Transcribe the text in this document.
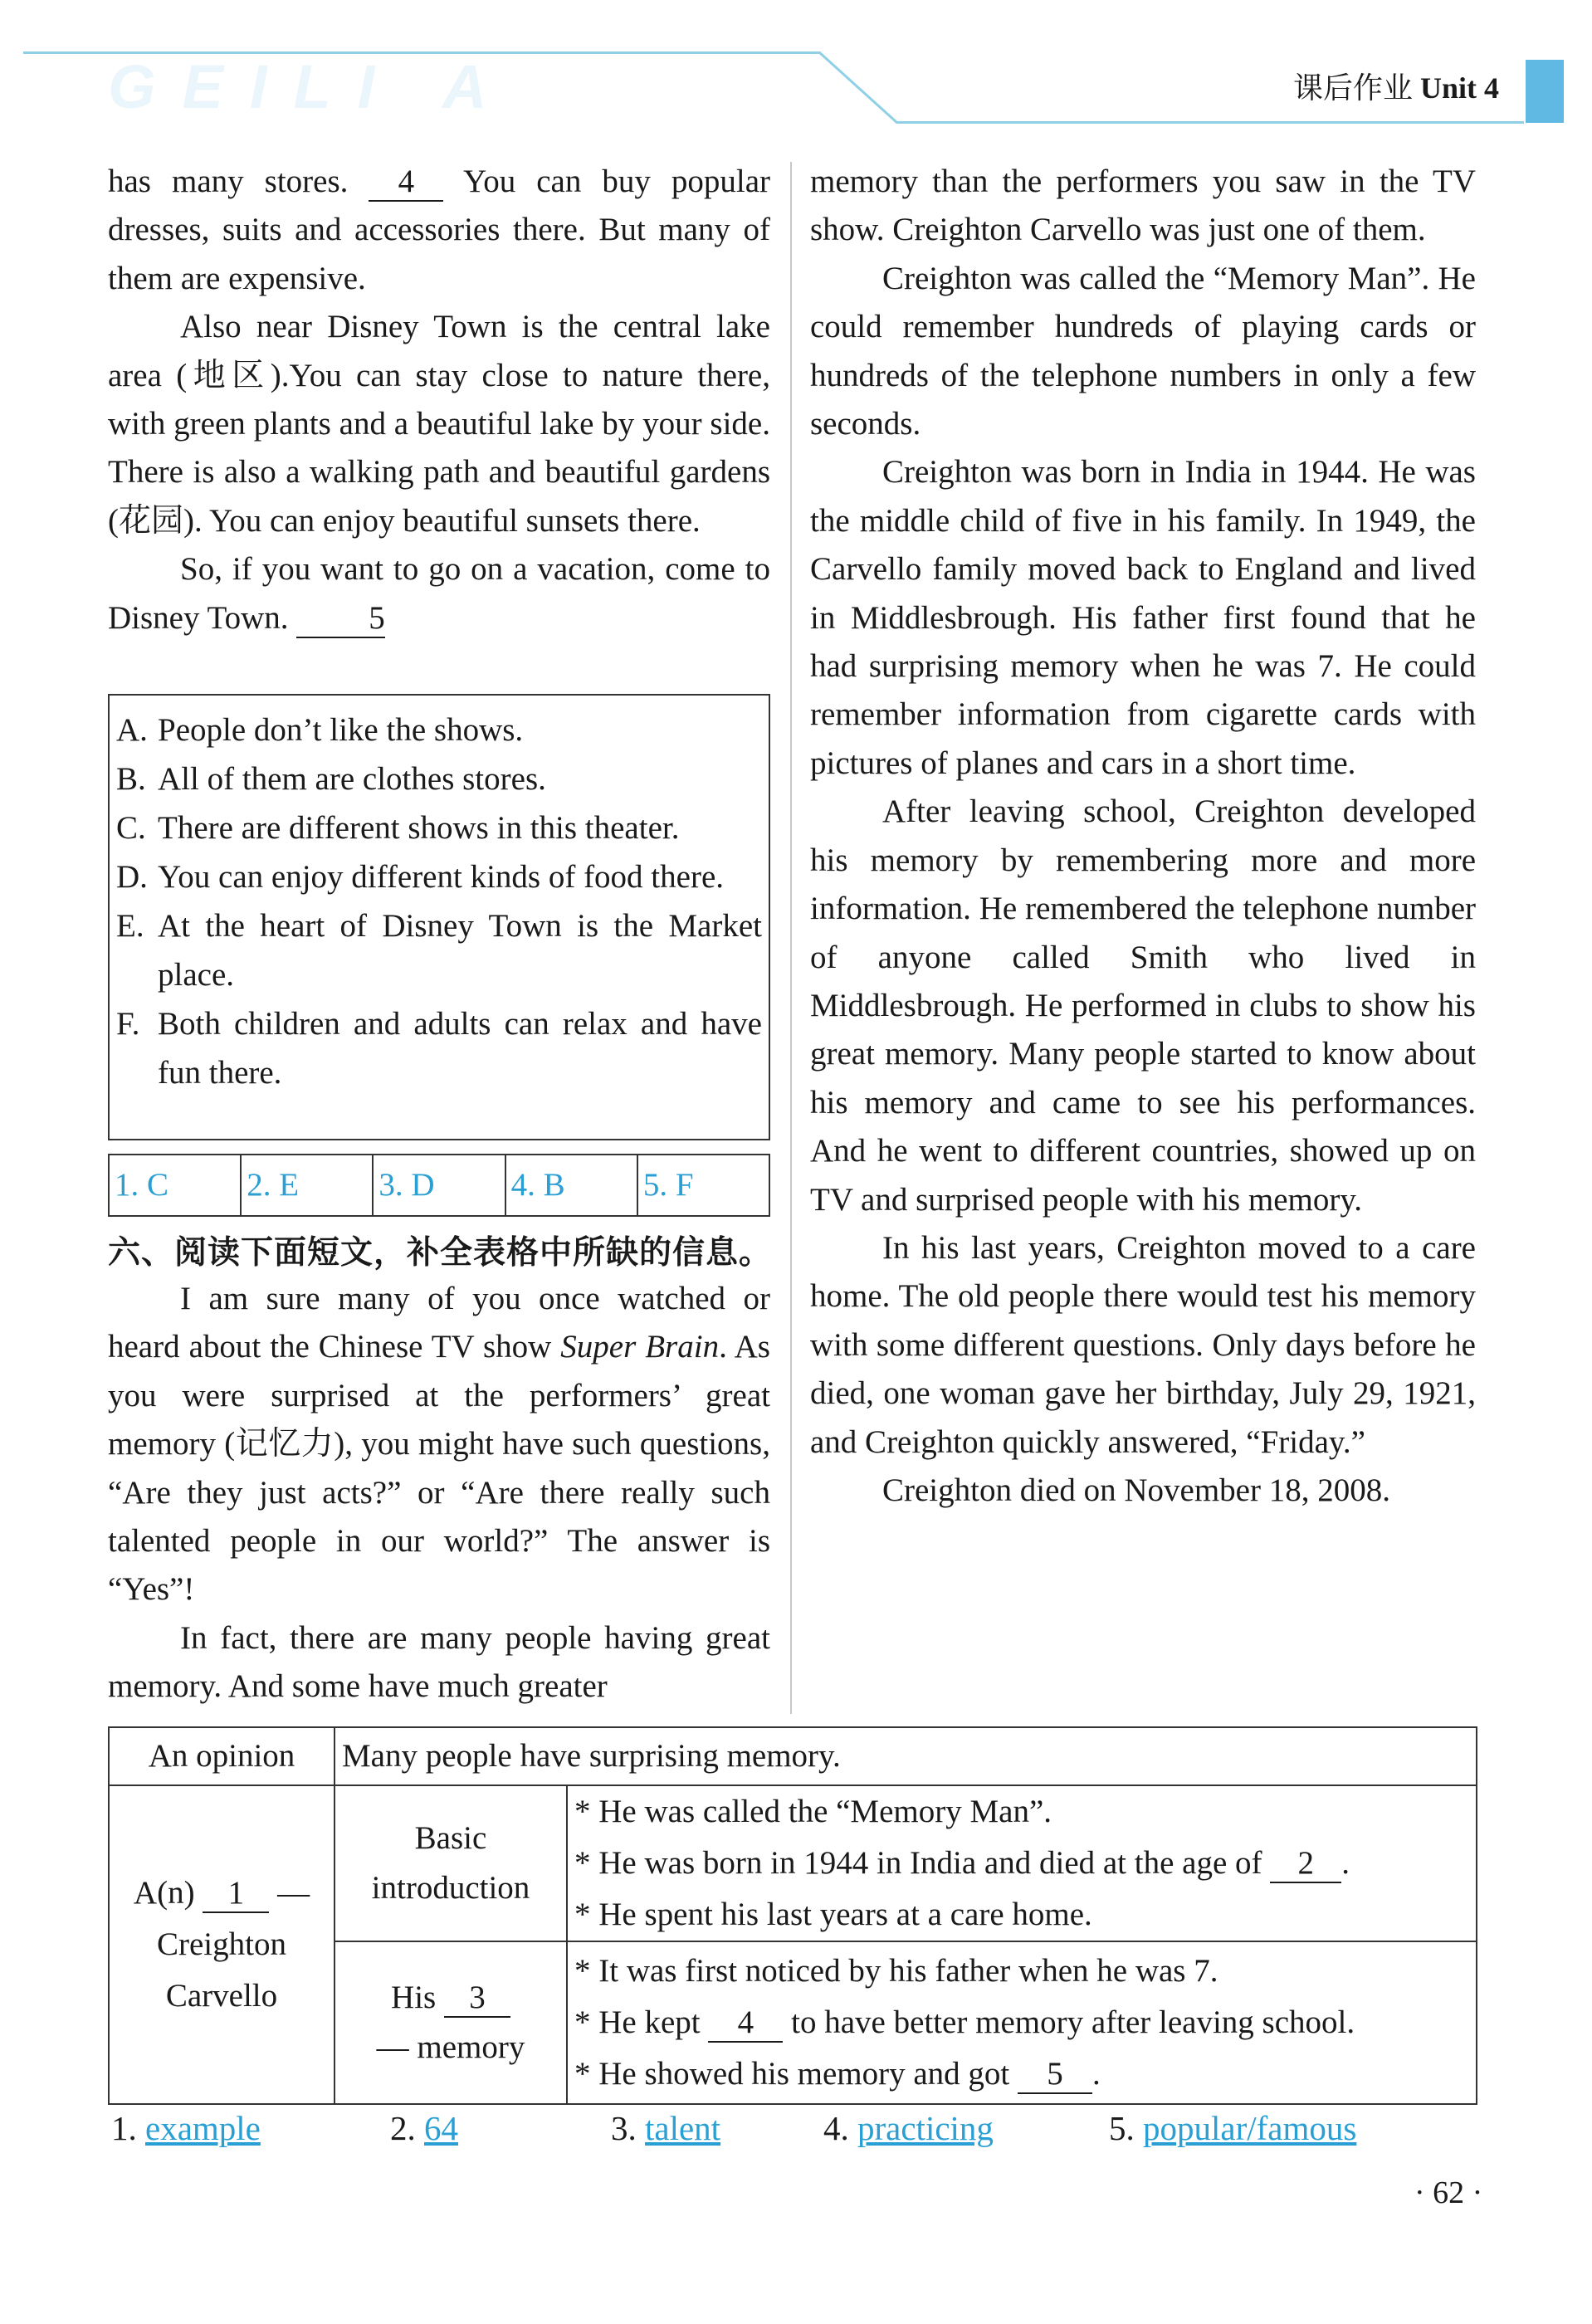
GEILI A	课后作业 Unit 4

has many stores. 4 You can buy popular dresses, suits and accessories there. But many of them are expensive.

Also near Disney Town is the central lake area (地区).You can stay close to nature there, with green plants and a beautiful lake by your side. There is also a walking path and beautiful gardens (花园). You can enjoy beautiful sunsets there.

So, if you want to go on a vacation, come to Disney Town. 5

A. People don’t like the shows.
B. All of them are clothes stores.
C. There are different shows in this theater.
D. You can enjoy different kinds of food there.
E. At the heart of Disney Town is the Market place.
F. Both children and adults can relax and have fun there.
1. C	2. E	3. D	4. B	5. F
六、阅读下面短文，补全表格中所缺的信息。

I am sure many of you once watched or heard about the Chinese TV show Super Brain. As you were surprised at the performers’ great memory (记忆力), you might have such questions, “Are they just acts?” or “Are there really such talented people in our world?” The answer is “Yes”!

In fact, there are many people having great memory. And some have much greater

memory than the performers you saw in the TV show. Creighton Carvello was just one of them.

Creighton was called the “Memory Man”. He could remember hundreds of playing cards or hundreds of the telephone numbers in only a few seconds.

Creighton was born in India in 1944. He was the middle child of five in his family. In 1949, the Carvello family moved back to England and lived in Middlesbrough. His father first found that he had surprising memory when he was 7. He could remember information from cigarette cards with pictures of planes and cars in a short time.

After leaving school, Creighton developed his memory by remembering more and more information. He remembered the telephone number of anyone called Smith who lived in Middlesbrough. He performed in clubs to show his great memory. Many people started to know about his memory and came to see his performances. And he went to different countries, showed up on TV and surprised people with his memory.

In his last years, Creighton moved to a care home. The old people there would test his memory with some different questions. Only days before he died, one woman gave her birthday, July 29, 1921, and Creighton quickly answered, “Friday.”

Creighton died on November 18, 2008.

An opinion	Many people have surprising memory.	
A(n) 1 —
Creighton Carvello	Basic introduction	* He was called the “Memory Man”.
* He was born in 1944 in India and died at the age of 2 .
* He spent his last years at a care home.

	His 3
— memory	* It was first noticed by his father when he was 7.
* He kept 4 to have better memory after leaving school.
* He showed his memory and got 5 .
1. example	2. 64	3. talent	4. practicing	5. popular/famous
· 62 ·
